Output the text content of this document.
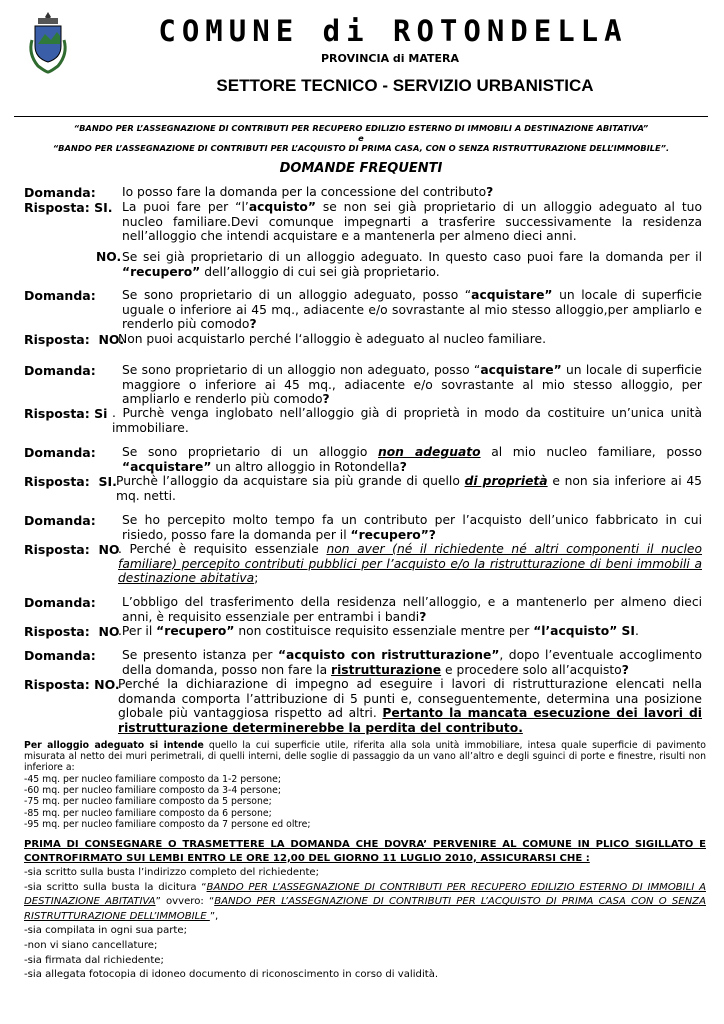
COMUNE di ROTONDELLA
PROVINCIA di MATERA
SETTORE TECNICO - SERVIZIO URBANISTICA
“BANDO PER L’ASSEGNAZIONE DI CONTRIBUTI PER RECUPERO EDILIZIO ESTERNO DI IMMOBILI A DESTINAZIONE ABITATIVA”
e
“BANDO PER L’ASSEGNAZIONE DI CONTRIBUTI PER L’ACQUISTO DI PRIMA CASA, CON O SENZA RISTRUTTURAZIONE DELL’IMMOBILE”.
DOMANDE FREQUENTI
Domanda: Io posso fare la domanda per la concessione del contributo?
Risposta: SI. La puoi fare per “l’acquisto” se non sei già proprietario di un alloggio adeguato al tuo nucleo familiare.Devi comunque impegnarti a trasferire successivamente la residenza nell’alloggio che intendi acquistare e a mantenerla per almeno dieci anni.
NO. Se sei già proprietario di un alloggio adeguato. In questo caso puoi fare la domanda per il “recupero” dell’alloggio di cui sei già proprietario.
Domanda: Se sono proprietario di un alloggio adeguato, posso “acquistare” un locale di superficie uguale o inferiore ai 45 mq., adiacente e/o sovrastante al mio stesso alloggio,per ampliarlo e renderlo più comodo?
Risposta: NO.
Non puoi acquistarlo perché l‘alloggio è adeguato al nucleo familiare.
Domanda: Se sono proprietario di un alloggio non adeguato, posso “acquistare” un locale di superficie maggiore o inferiore ai 45 mq., adiacente e/o sovrastante al mio stesso alloggio, per ampliarlo e renderlo più comodo?
Risposta: Si . Purchè venga inglobato nell’alloggio già di proprietà in modo da costituire un’unica unità immobiliare.
Domanda: Se sono proprietario di un alloggio non adeguato al mio nucleo familiare, posso “acquistare” un altro alloggio in Rotondella?
Risposta: SI. Purchè l’alloggio da acquistare sia più grande di quello di proprietà e non sia inferiore ai 45 mq. netti.
Domanda: Se ho percepito molto tempo fa un contributo per l’acquisto dell’unico fabbricato in cui risiedo, posso fare la domanda per il “recupero”?
Risposta: NO
. Perché è requisito essenziale non aver (né il richiedente né altri componenti il nucleo familiare) percepito contributi pubblici per l’acquisto e/o la ristrutturazione di beni immobili a destinazione abitativa;
Domanda: L’obbligo del trasferimento della residenza nell’alloggio, e a mantenerlo per almeno dieci anni, è requisito essenziale per entrambi i bandi?
Risposta: NO
.Per il “recupero” non costituisce requisito essenziale mentre per “l’acquisto” SI.
Domanda: Se presento istanza per “acquisto con ristrutturazione”, dopo l’eventuale accoglimento della domanda, posso non fare la ristrutturazione e procedere solo all’acquisto?
Risposta: NO.
Perché la dichiarazione di impegno ad eseguire i lavori di ristrutturazione elencati nella domanda comporta l’attribuzione di 5 punti e, conseguentemente, determina una posizione globale più vantaggiosa rispetto ad altri. Pertanto la mancata esecuzione dei lavori di ristrutturazione determinerebbe la perdita del contributo.
Per alloggio adeguato si intende quello la cui superficie utile, riferita alla sola unità immobiliare, intesa quale superficie di pavimento misurata al netto dei muri perimetrali, di quelli interni, delle soglie di passaggio da un vano all’altro e degli sguinci di porte e finestre, risulti non inferiore a:
-45 mq. per nucleo familiare composto da 1-2 persone;
-60 mq. per nucleo familiare composto da 3-4 persone;
-75 mq. per nucleo familiare composto da 5 persone;
-85 mq. per nucleo familiare composto da 6 persone;
-95 mq. per nucleo familiare composto da 7 persone ed oltre;
PRIMA DI CONSEGNARE O TRASMETTERE LA DOMANDA CHE DOVRA’ PERVENIRE AL COMUNE IN PLICO SIGILLATO E CONTROFIRMATO SUI LEMBI ENTRO LE ORE 12,00 DEL GIORNO 11 LUGLIO 2010, ASSICURARSI CHE :
-sia scritto sulla busta l’indirizzo completo del richiedente;
-sia scritto sulla busta la dicitura “BANDO PER L’ASSEGNAZIONE DI CONTRIBUTI PER RECUPERO EDILIZIO ESTERNO DI IMMOBILI A DESTINAZIONE ABITATIVA” ovvero: “BANDO PER L’ASSEGNAZIONE DI CONTRIBUTI PER L’ACQUISTO DI PRIMA CASA CON O SENZA RISTRUTTURAZIONE DELL’IMMOBILE ”,
-sia compilata in ogni sua parte;
-non vi siano cancellature;
-sia firmata dal richiedente;
-sia allegata fotocopia di idoneo documento di riconoscimento in corso di validità.
